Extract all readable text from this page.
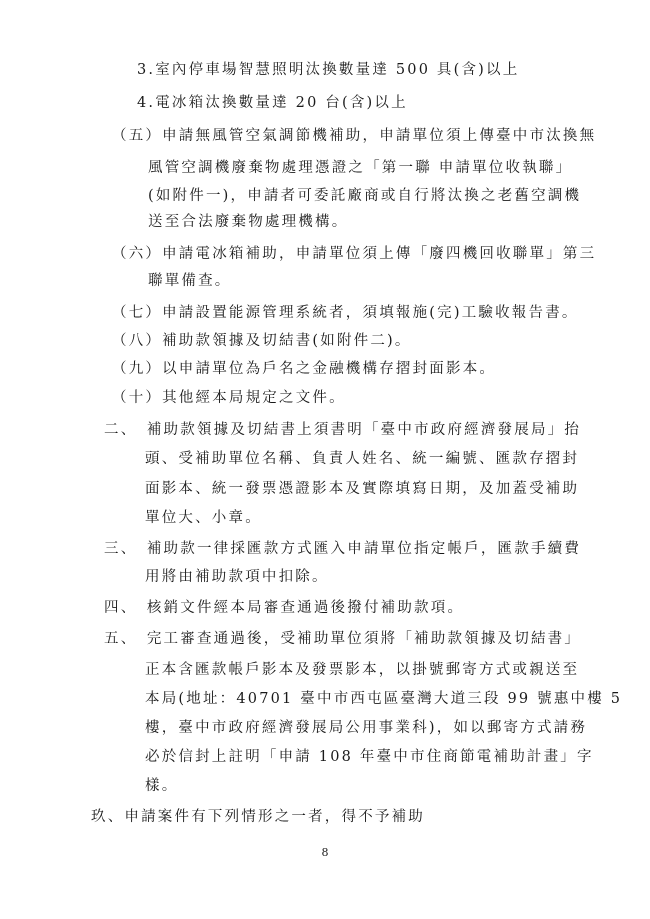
3.室內停車場智慧照明汰換數量達 500 具(含)以上
4.電冰箱汰換數量達 20 台(含)以上
（五）申請無風管空氣調節機補助，申請單位須上傳臺中市汰換無
風管空調機廢棄物處理憑證之「第一聯 申請單位收執聯」
(如附件一)，申請者可委託廠商或自行將汰換之老舊空調機
送至合法廢棄物處理機構。
（六）申請電冰箱補助，申請單位須上傳「廢四機回收聯單」第三
聯單備查。
（七）申請設置能源管理系統者，須填報施(完)工驗收報告書。
（八）補助款領據及切結書(如附件二)。
（九）以申請單位為戶名之金融機構存摺封面影本。
（十）其他經本局規定之文件。
二、　補助款領據及切結書上須書明「臺中市政府經濟發展局」抬
頭、受補助單位名稱、負責人姓名、統一編號、匯款存摺封
面影本、統一發票憑證影本及實際填寫日期，及加蓋受補助
單位大、小章。
三、　補助款一律採匯款方式匯入申請單位指定帳戶，匯款手續費
用將由補助款項中扣除。
四、　核銷文件經本局審查通過後撥付補助款項。
五、　完工審查通過後，受補助單位須將「補助款領據及切結書」
正本含匯款帳戶影本及發票影本，以掛號郵寄方式或親送至
本局(地址：40701 臺中市西屯區臺灣大道三段 99 號惠中樓 5
樓，臺中市政府經濟發展局公用事業科)，如以郵寄方式請務
必於信封上註明「申請 108 年臺中市住商節電補助計畫」字
樣。
玖、申請案件有下列情形之一者，得不予補助
8
